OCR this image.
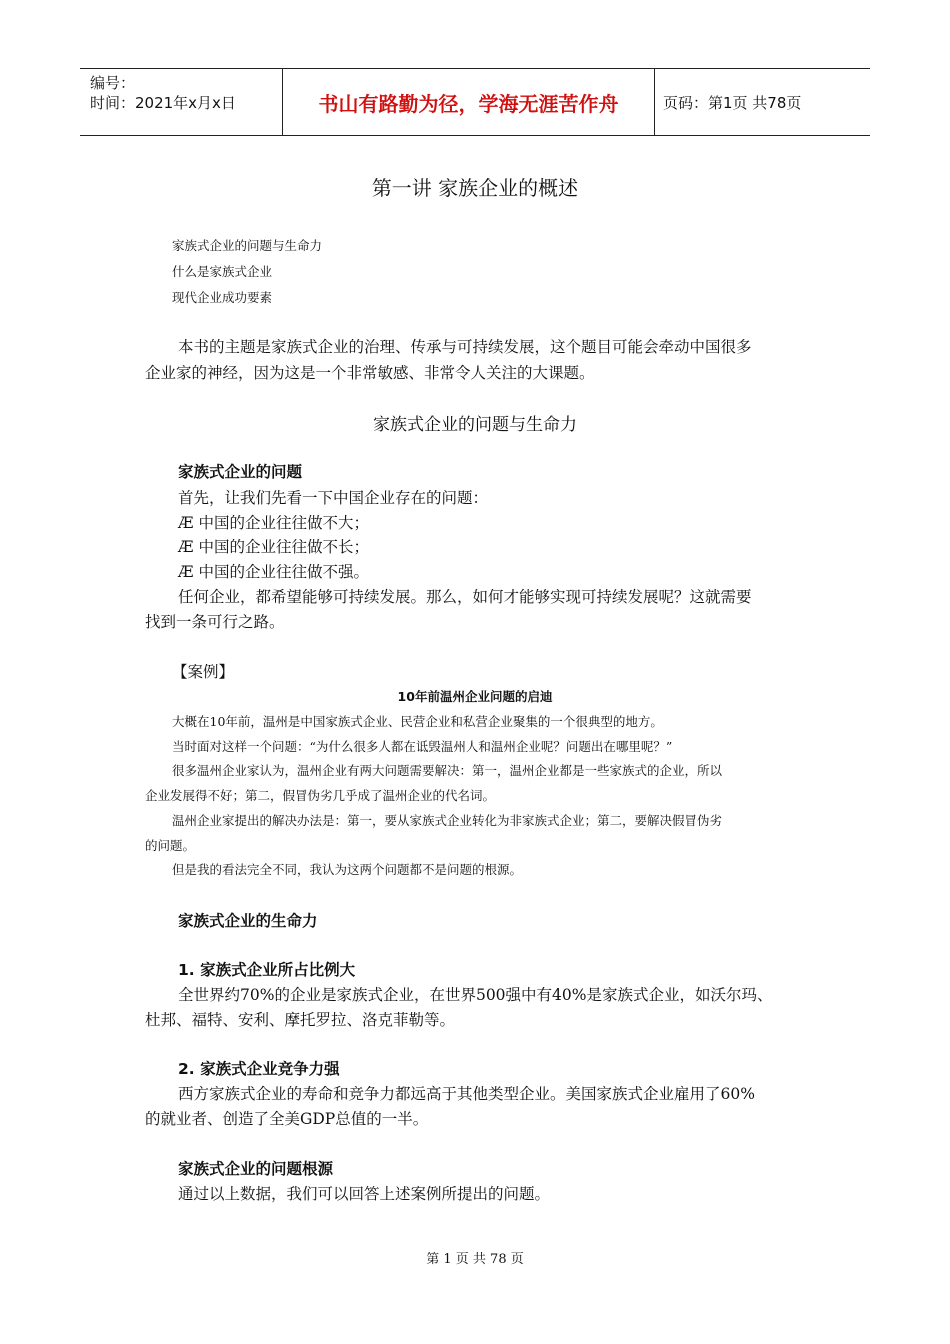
编号：
时间：2021年x月x日	书山有路勤为径，学海无涯苦作舟	页码：第1页 共78页
第一讲 家族企业的概述
家族式企业的问题与生命力
什么是家族式企业
现代企业成功要素
本书的主题是家族式企业的治理、传承与可持续发展，这个题目可能会牵动中国很多
企业家的神经，因为这是一个非常敏感、非常令人关注的大课题。
家族式企业的问题与生命力
家族式企业的问题
首先，让我们先看一下中国企业存在的问题：
Æ 中国的企业往往做不大；
Æ 中国的企业往往做不长；
Æ 中国的企业往往做不强。
任何企业，都希望能够可持续发展。那么，如何才能够实现可持续发展呢？这就需要
找到一条可行之路。
【案例】
10年前温州企业问题的启迪
大概在10年前，温州是中国家族式企业、民营企业和私营企业聚集的一个很典型的地方。
当时面对这样一个问题：“为什么很多人都在诋毁温州人和温州企业呢？问题出在哪里呢？”
很多温州企业家认为，温州企业有两大问题需要解决：第一，温州企业都是一些家族式的企业，所以
企业发展得不好；第二，假冒伪劣几乎成了温州企业的代名词。
温州企业家提出的解决办法是：第一，要从家族式企业转化为非家族式企业；第二，要解决假冒伪劣
的问题。
但是我的看法完全不同，我认为这两个问题都不是问题的根源。
家族式企业的生命力
1. 家族式企业所占比例大
全世界约70%的企业是家族式企业，在世界500强中有40%是家族式企业，如沃尔玛、
杜邦、福特、安利、摩托罗拉、洛克菲勒等。
2. 家族式企业竞争力强
西方家族式企业的寿命和竞争力都远高于其他类型企业。美国家族式企业雇用了60%
的就业者、创造了全美GDP总值的一半。
家族式企业的问题根源
通过以上数据，我们可以回答上述案例所提出的问题。
第 1 页 共 78 页
